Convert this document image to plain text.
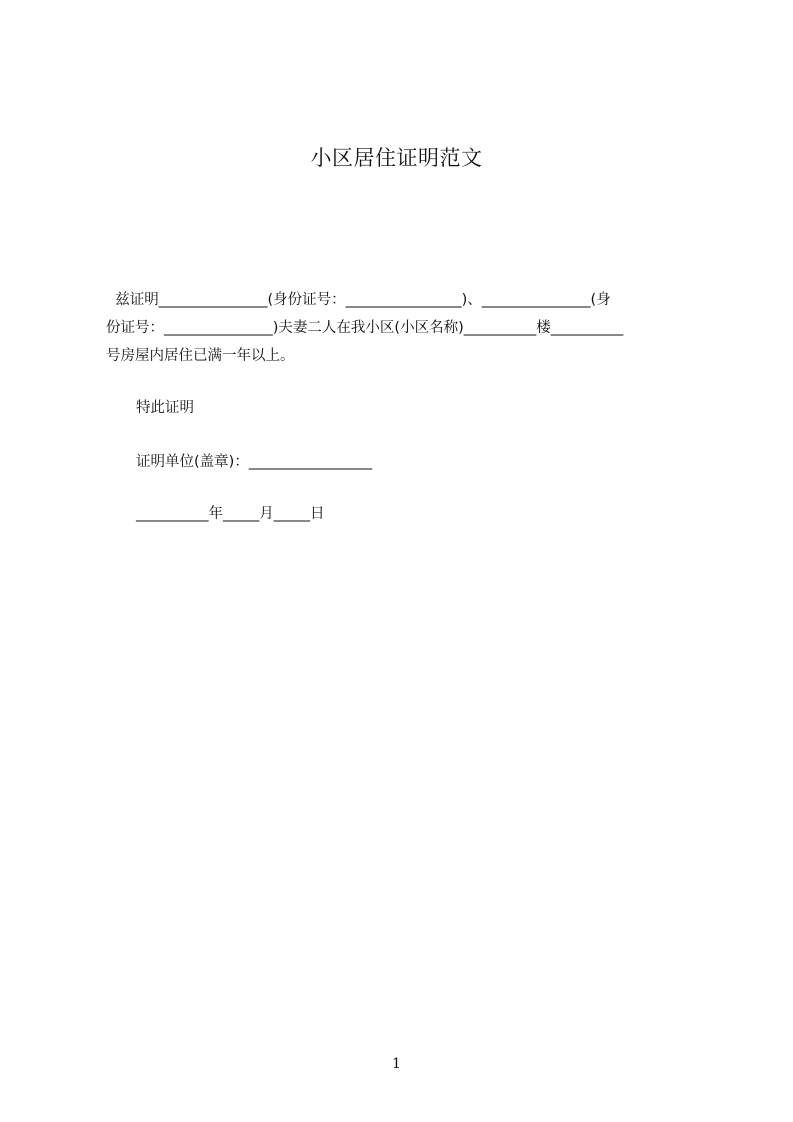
小区居住证明范文
兹证明_______________(身份证号：________________)、_______________(身
份证号：_______________)夫妻二人在我小区(小区名称)__________楼__________
号房屋内居住已满一年以上。
特此证明
证明单位(盖章)：_________________
__________年_____月_____日
1
